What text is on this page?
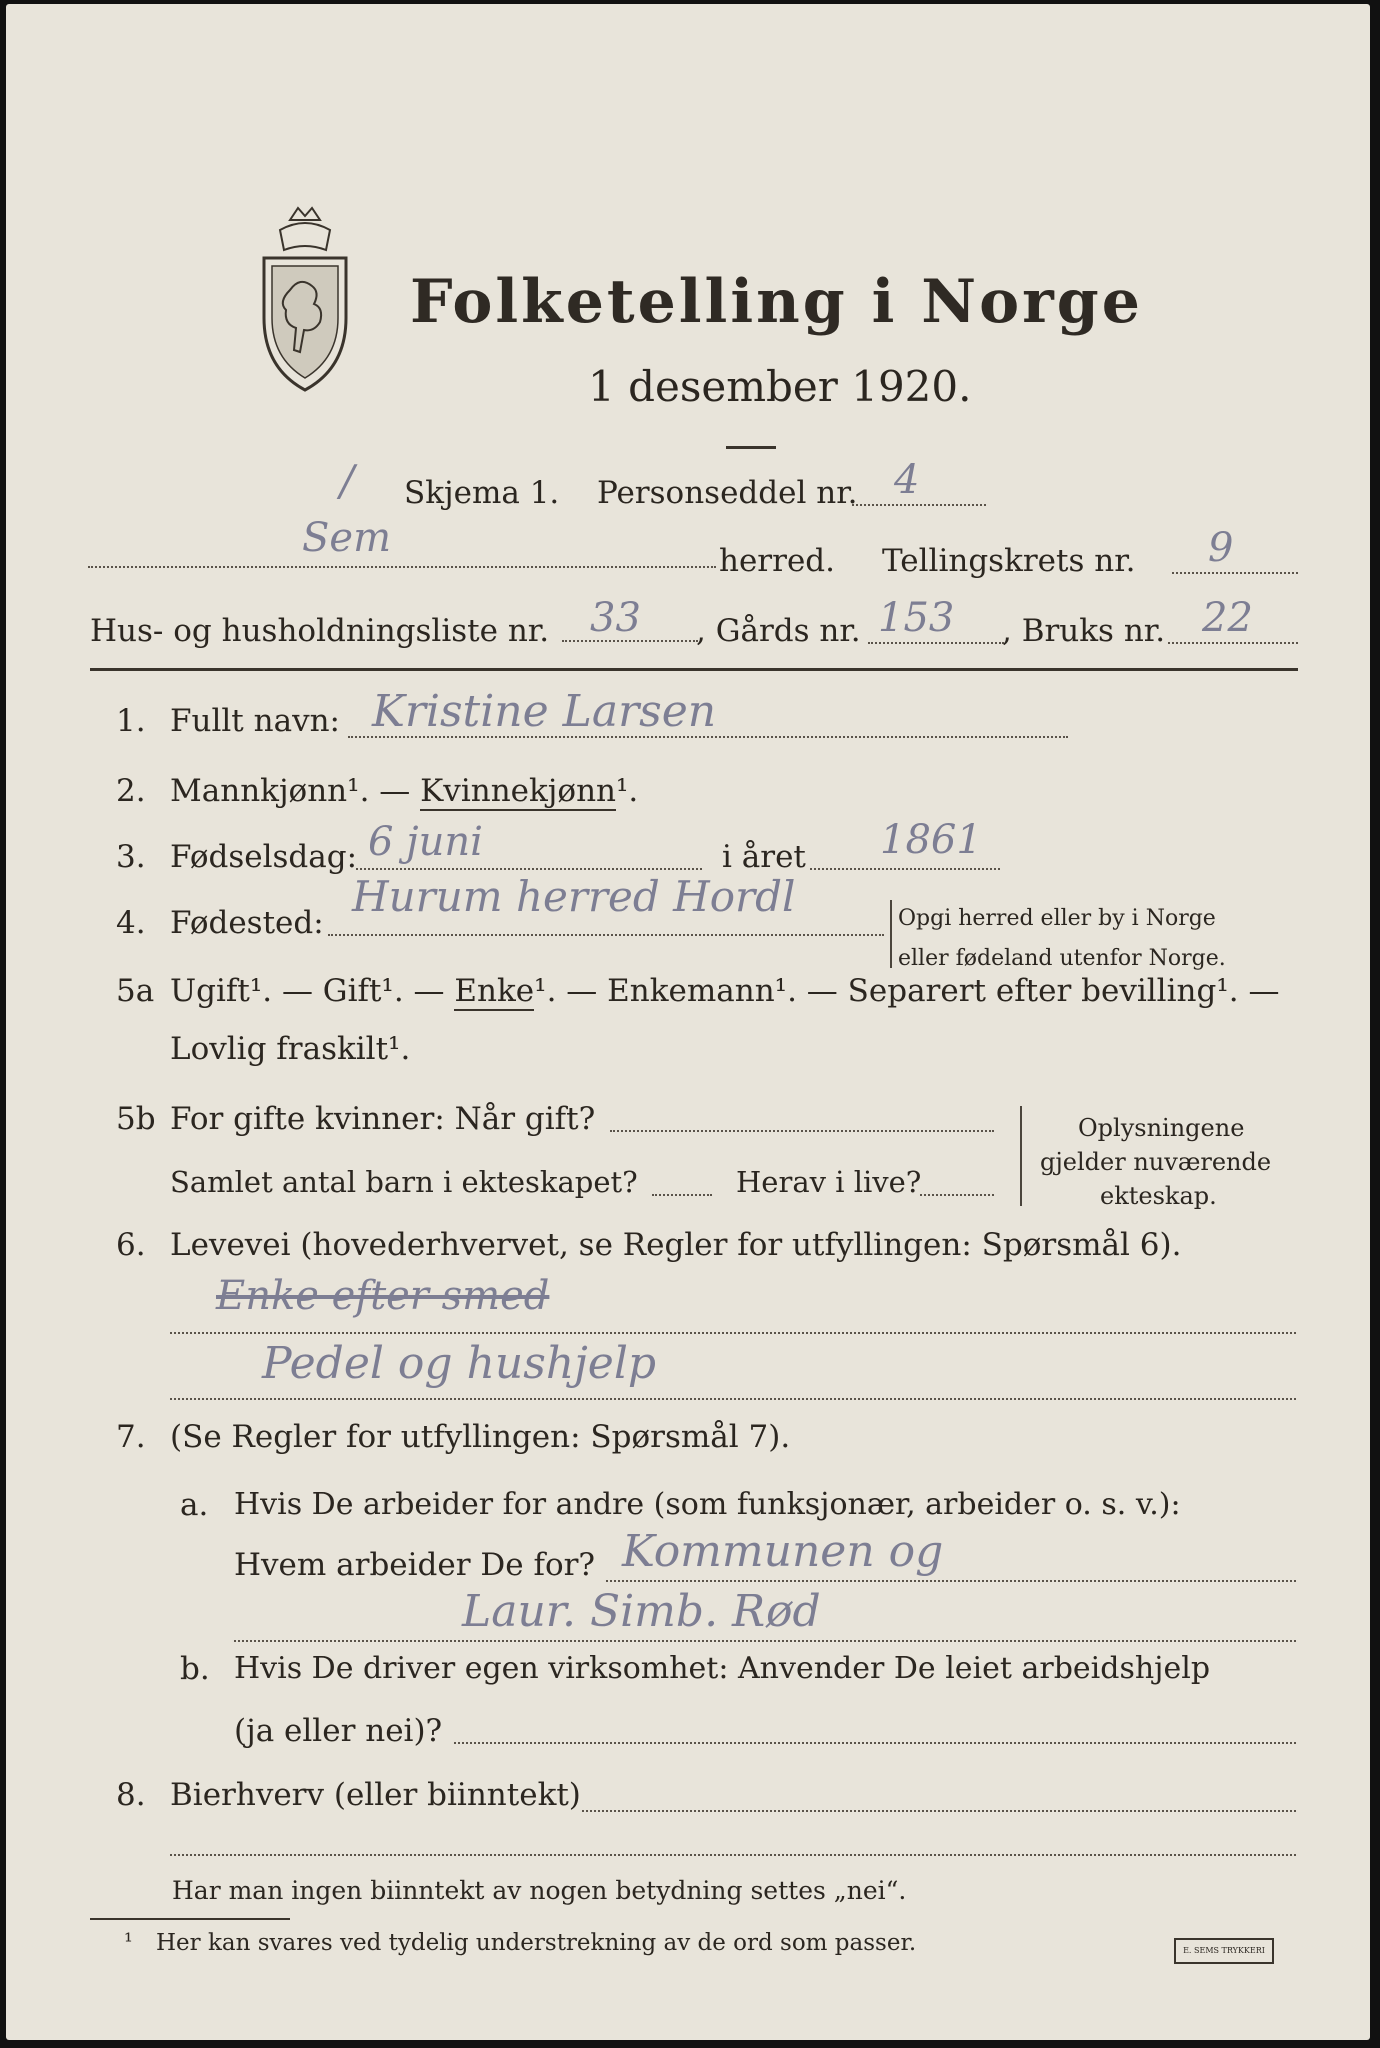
Folketelling i Norge
1 desember 1920.
Skjema 1. Personseddel nr. 4
/
Sem	herred. Tellingskrets nr. 9
Hus- og husholdningsliste nr. 33 , Gårds nr. 153 , Bruks nr. 22
1. Fullt navn: Kristine Larsen
2. Mannkjønn¹. — Kvinnekjønn¹.
3. Fødselsdag: 6 juni	i året 1861
4. Fødested:
Hurum herred Hordl	Opgi herred eller by i Norge
eller fødeland utenfor Norge.
5a Ugift¹. — Gift¹. — Enke¹. — Enkemann¹. — Separert efter bevilling¹. —
Lovlig fraskilt¹.
5b For gifte kvinner: Når gift?
Samlet antal barn i ekteskapet?	Herav i live?
Oplysningene
gjelder nuværende
ekteskap.
6. Levevei (hovederhvervet, se Regler for utfyllingen: Spørsmål 6).
Enke efter smed
Pedel og hushjelp
7. (Se Regler for utfyllingen: Spørsmål 7).
a. Hvis De arbeider for andre (som funksjonær, arbeider o. s. v.):
Hvem arbeider De for? Kommunen og
Laur. Simb. Rød
b. Hvis De driver egen virksomhet: Anvender De leiet arbeidshjelp
(ja eller nei)?
8. Bierhverv (eller biinntekt)
Har man ingen biinntekt av nogen betydning settes „nei“.
¹ Her kan svares ved tydelig understrekning av de ord som passer.	E. SEMS TRYKKERI
